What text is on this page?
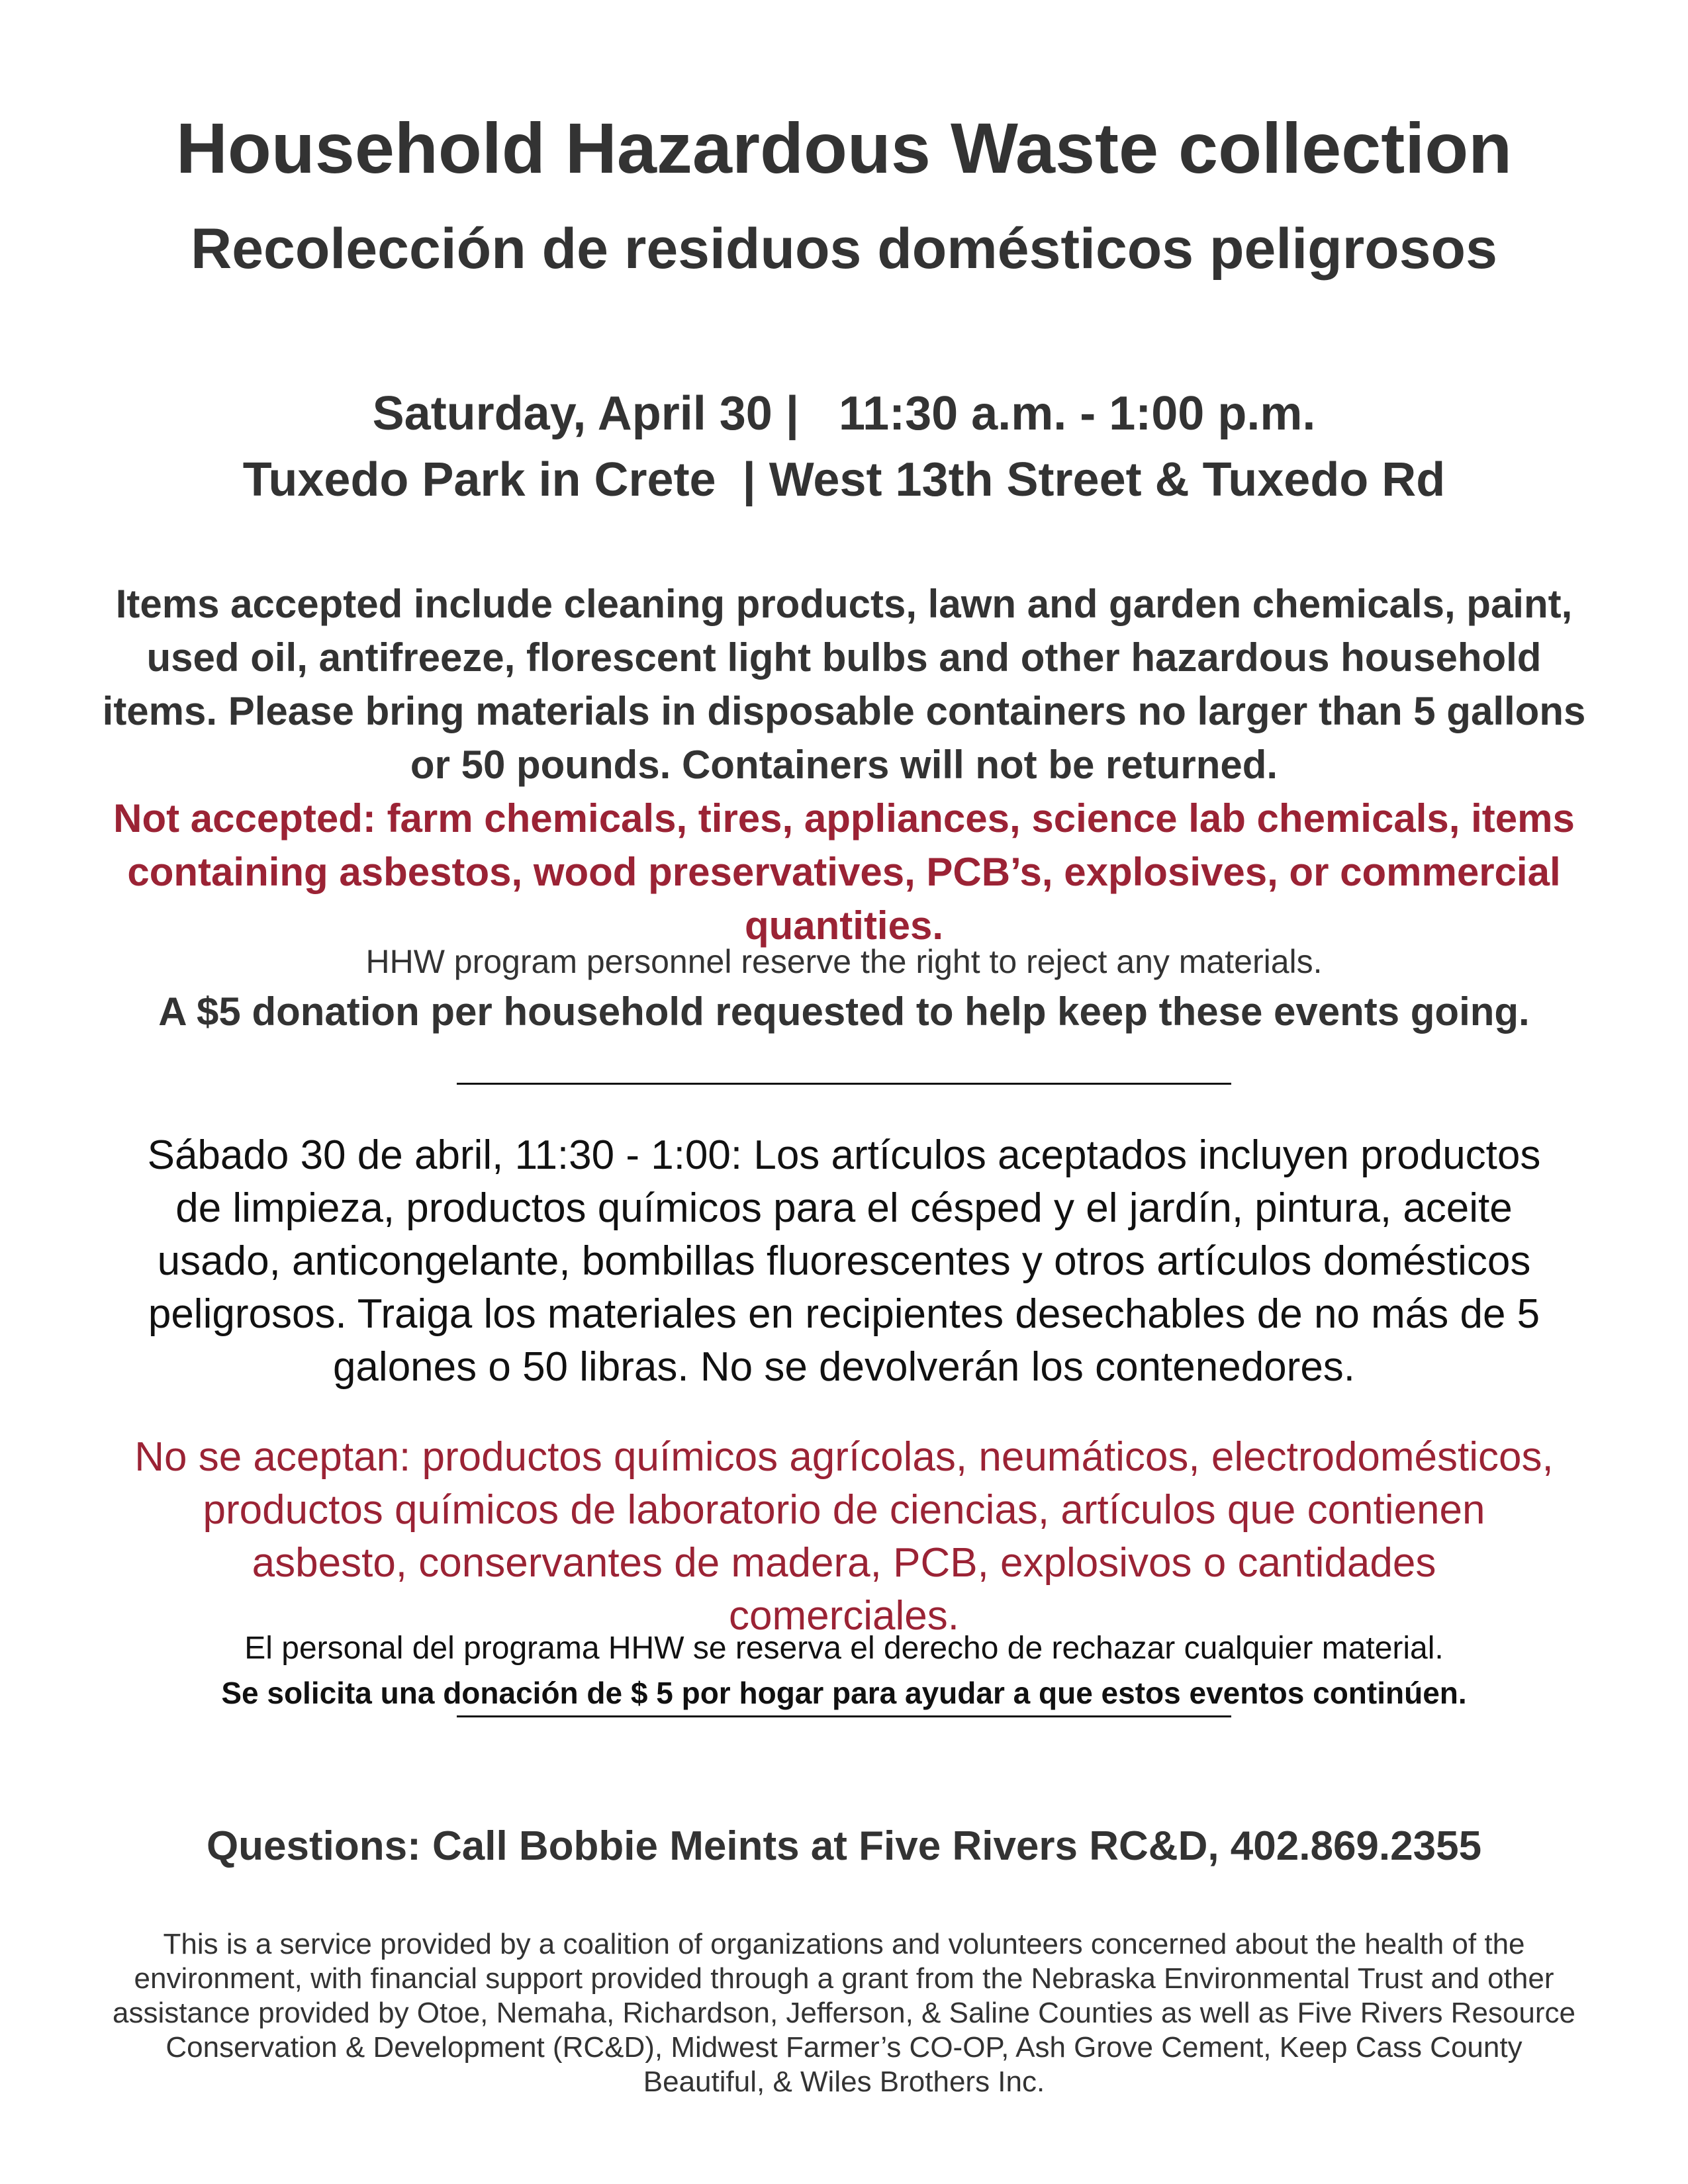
Household Hazardous Waste collection
Recolección de residuos domésticos peligrosos

Saturday, April 30 |   11:30 a.m. - 1:00 p.m.

Tuxedo Park in Crete  | West 13th Street & Tuxedo Rd

Items accepted include cleaning products, lawn and garden chemicals, paint, used oil, antifreeze, florescent light bulbs and other hazardous household items. Please bring materials in disposable containers no larger than 5 gallons or 50 pounds. Containers will not be returned.

Not accepted: farm chemicals, tires, appliances, science lab chemicals, items containing asbestos, wood preservatives, PCB’s, explosives, or commercial quantities.

HHW program personnel reserve the right to reject any materials.

A $5 donation per household requested to help keep these events going.

Sábado 30 de abril, 11:30 - 1:00: Los artículos aceptados incluyen productos de limpieza, productos químicos para el césped y el jardín, pintura, aceite usado, anticongelante, bombillas fluorescentes y otros artículos domésticos peligrosos. Traiga los materiales en recipientes desechables de no más de 5 galones o 50 libras. No se devolverán los contenedores.

No se aceptan: productos químicos agrícolas, neumáticos, electrodomésticos, productos químicos de laboratorio de ciencias, artículos que contienen asbesto, conservantes de madera, PCB, explosivos o cantidades comerciales.

El personal del programa HHW se reserva el derecho de rechazar cualquier material.

Se solicita una donación de $ 5 por hogar para ayudar a que estos eventos continúen.

Questions: Call Bobbie Meints at Five Rivers RC&D, 402.869.2355

This is a service provided by a coalition of organizations and volunteers concerned about the health of the environment, with financial support provided through a grant from the Nebraska Environmental Trust and other assistance provided by Otoe, Nemaha, Richardson, Jefferson, & Saline Counties as well as Five Rivers Resource Conservation & Development (RC&D), Midwest Farmer’s CO-OP, Ash Grove Cement, Keep Cass County Beautiful, & Wiles Brothers Inc.
